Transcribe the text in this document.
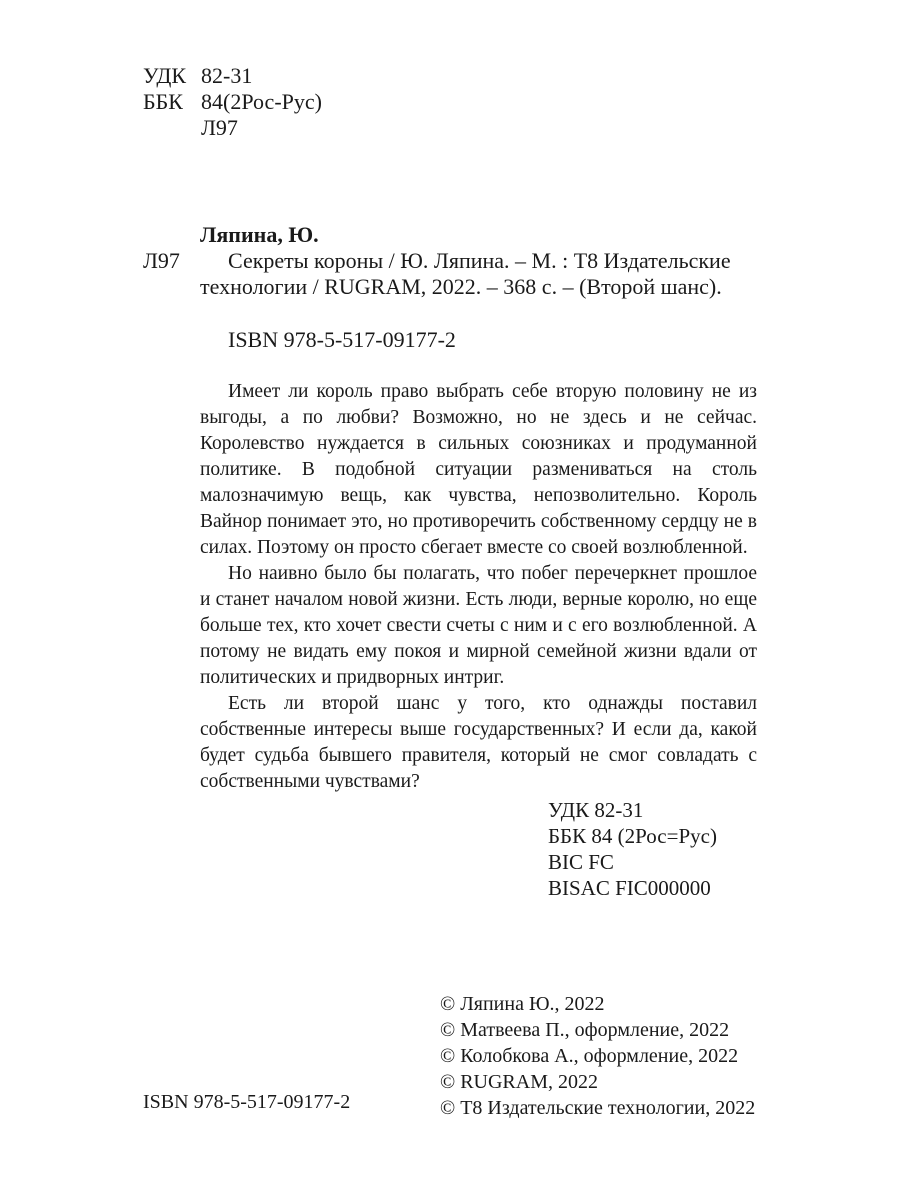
УДК 82-31
ББК 84(2Рос-Рус)
Л97
Ляпина, Ю.
Л97 Секреты короны / Ю. Ляпина. – М. : Т8 Издательские
технологии / RUGRAM, 2022. – 368 с. – (Второй шанс).
ISBN 978-5-517-09177-2

Имеет ли король право выбрать себе вторую половину не из выгоды, а по любви? Возможно, но не здесь и не сейчас. Королевство нуждается в сильных союзниках и продуманной политике. В подобной ситуации размениваться на столь малозначимую вещь, как чувства, непозволительно. Король Вайнор понимает это, но противоречить собственному сердцу не в силах. Поэтому он просто сбегает вместе со своей возлюбленной.

Но наивно было бы полагать, что побег перечеркнет прошлое и станет началом новой жизни. Есть люди, верные королю, но еще больше тех, кто хочет свести счеты с ним и с его возлюбленной. А потому не видать ему покоя и мирной семейной жизни вдали от политических и придворных интриг.

Есть ли второй шанс у того, кто однажды поставил собственные интересы выше государственных? И если да, какой будет судьба бывшего правителя, который не смог совладать с собственными чувствами?

УДК 82-31
ББК 84 (2Рос=Рус)
BIC FC
BISAC FIC000000
ISBN 978-5-517-09177-2
© Ляпина Ю., 2022
© Матвеева П., оформление, 2022
© Колобкова А., оформление, 2022
© RUGRAM, 2022
© Т8 Издательские технологии, 2022
